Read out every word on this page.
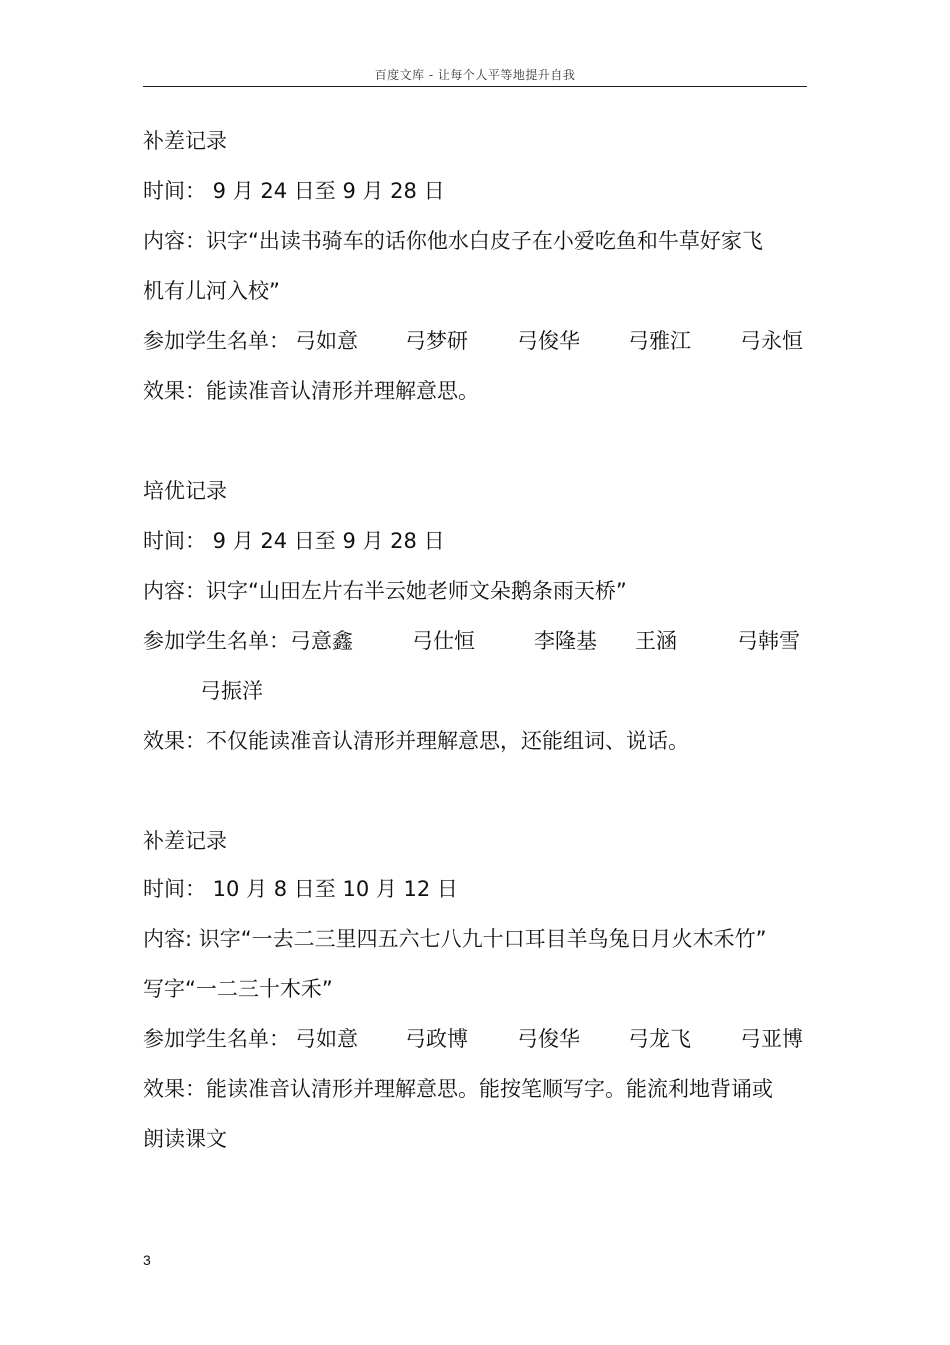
百度文库 - 让每个人平等地提升自我
补差记录
时间： 9 月 24 日至 9 月 28 日
内容：识字“出读书骑车的话你他水白皮子在小爱吃鱼和牛草好家飞
机有儿河入校”
参加学生名单： 弓如意 弓梦研 弓俊华 弓雅江 弓永恒
效果：能读准音认清形并理解意思。
培优记录
时间： 9 月 24 日至 9 月 28 日
内容：识字“山田左片右半云她老师文朵鹅条雨天桥”
参加学生名单： 弓意鑫	弓仕恒	李隆基 王涵	弓韩雪
弓振洋
效果：不仅能读准音认清形并理解意思，还能组词、说话。
补差记录
时间： 10 月 8 日至 10 月 12 日
内容: 识字“一去二三里四五六七八九十口耳目羊鸟兔日月火木禾竹”
写字“一二三十木禾”
参加学生名单： 弓如意 弓政博 弓俊华 弓龙飞 弓亚博
效果：能读准音认清形并理解意思。能按笔顺写字。能流利地背诵或
朗读课文
3
